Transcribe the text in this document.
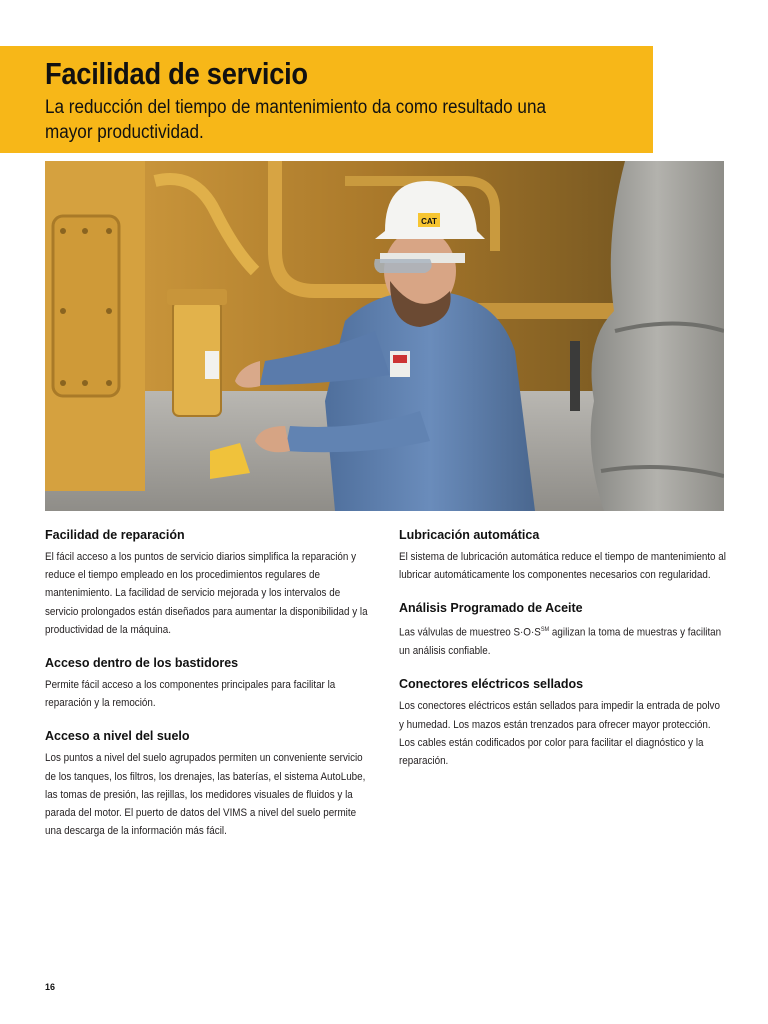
Facilidad de servicio

La reducción del tiempo de mantenimiento da como resultado una mayor productividad.

CAT
Facilidad de reparación

El fácil acceso a los puntos de servicio diarios simplifica la reparación y reduce el tiempo empleado en los procedimientos regulares de mantenimiento. La facilidad de servicio mejorada y los intervalos de servicio prolongados están diseñados para aumentar la disponibilidad y la productividad de la máquina.

Acceso dentro de los bastidores

Permite fácil acceso a los componentes principales para facilitar la reparación y la remoción.

Acceso a nivel del suelo

Los puntos a nivel del suelo agrupados permiten un conveniente servicio de los tanques, los filtros, los drenajes, las baterías, el sistema AutoLube, las tomas de presión, las rejillas, los medidores visuales de fluidos y la parada del motor. El puerto de datos del VIMS a nivel del suelo permite una descarga de la información más fácil.

Lubricación automática

El sistema de lubricación automática reduce el tiempo de mantenimiento al lubricar automáticamente los componentes necesarios con regularidad.

Análisis Programado de Aceite

Las válvulas de muestreo S·O·S℠ agilizan la toma de muestras y facilitan un análisis confiable.

Conectores eléctricos sellados

Los conectores eléctricos están sellados para impedir la entrada de polvo y humedad. Los mazos están trenzados para ofrecer mayor protección. Los cables están codificados por color para facilitar el diagnóstico y la reparación.

16
